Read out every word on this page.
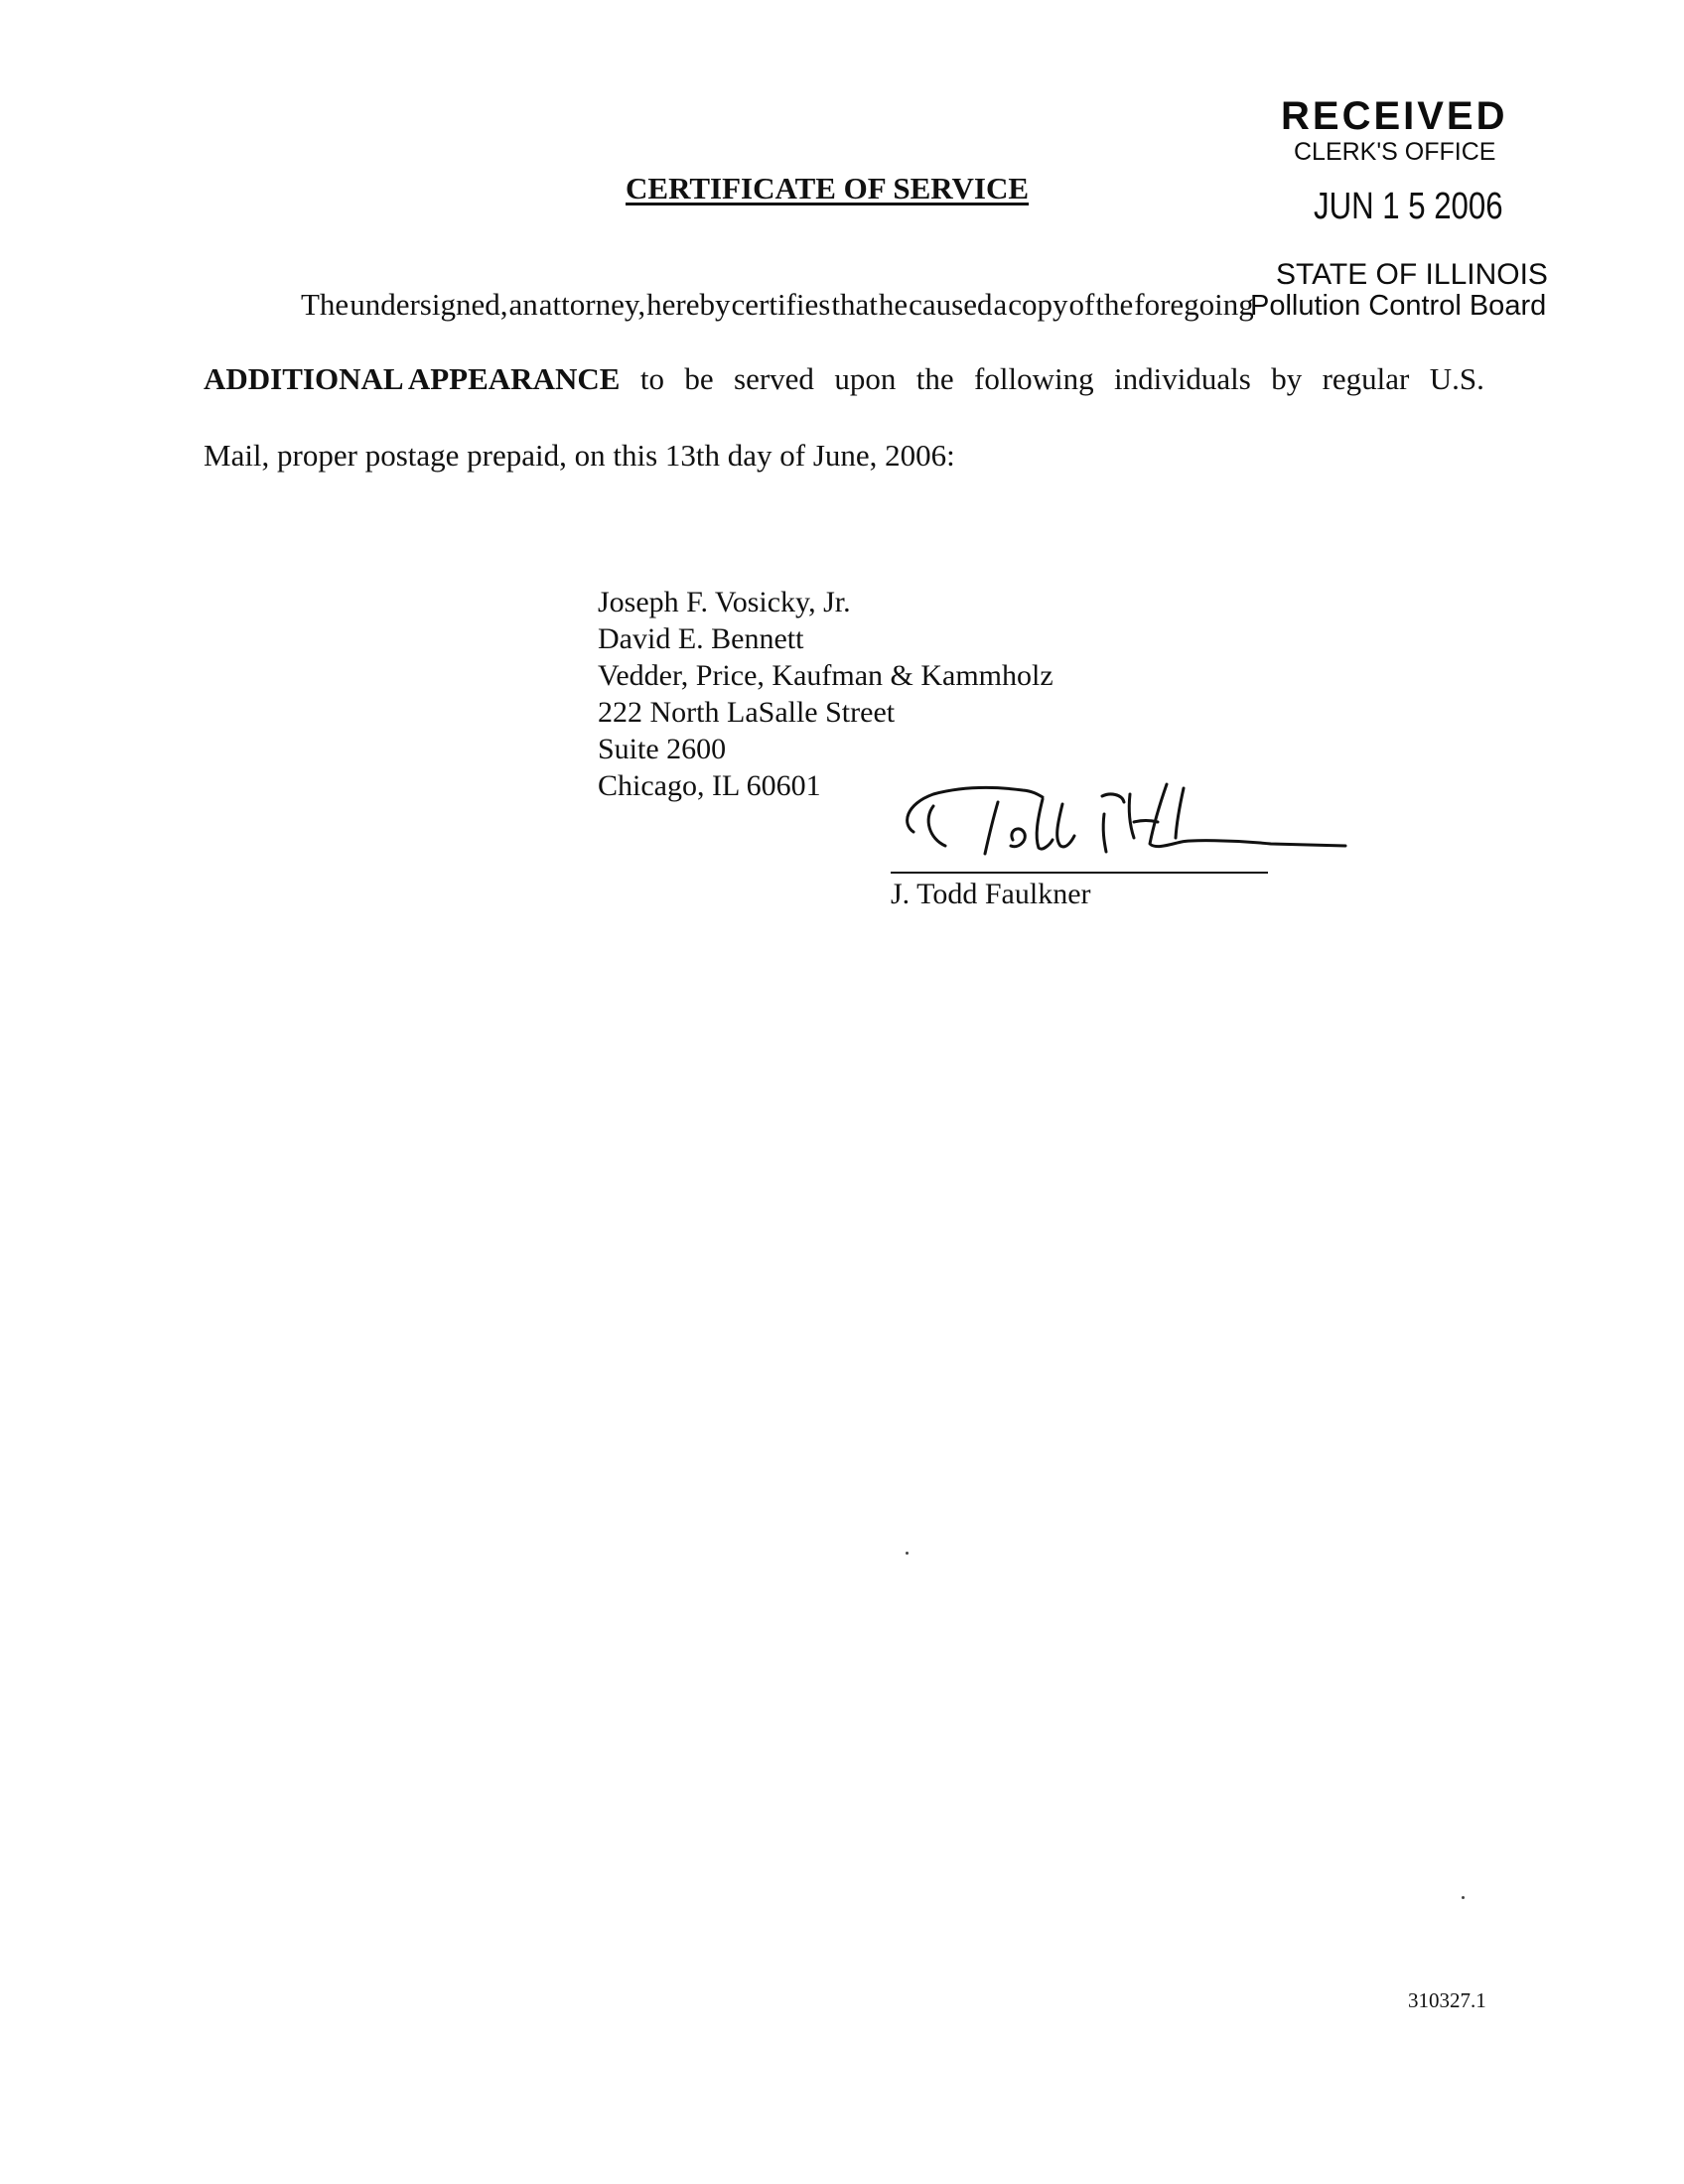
RECEIVED
CLERK'S OFFICE
JUN 1 5 2006
STATE OF ILLINOIS
Pollution Control Board
CERTIFICATE OF SERVICE
The undersigned, an attorney, hereby certifies that he caused a copy of the foregoing
ADDITIONAL APPEARANCE to be served upon the following individuals by regular U.S.
Mail, proper postage prepaid, on this 13th day of June, 2006:
Joseph F. Vosicky, Jr.
David E. Bennett
Vedder, Price, Kaufman & Kammholz
222 North LaSalle Street
Suite 2600
Chicago, IL 60601
J. Todd Faulkner
310327.1
